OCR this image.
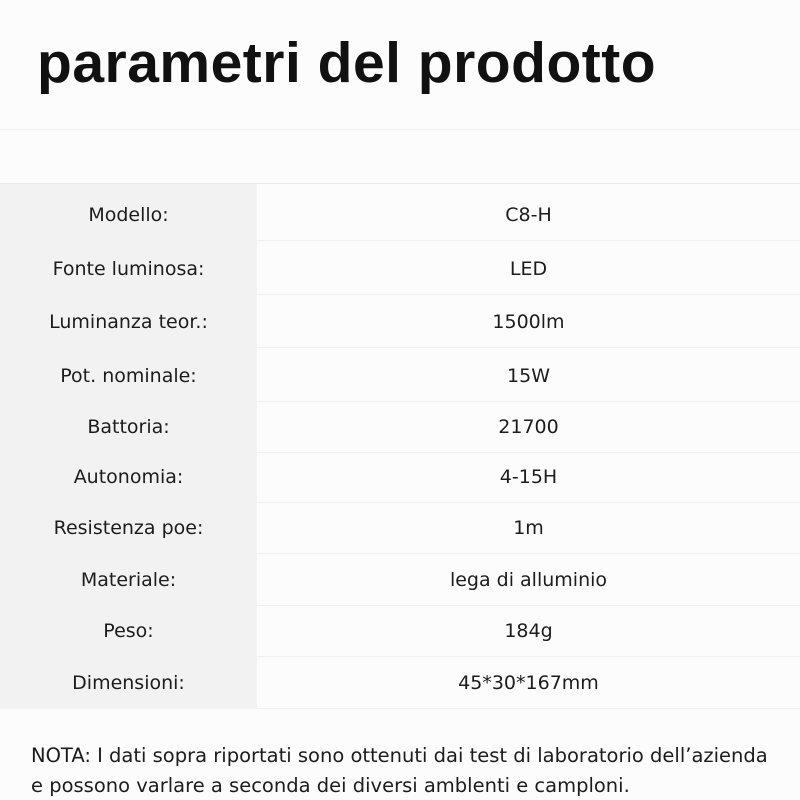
parametri del prodotto
Modello:	C8-H
Fonte luminosa:	LED
Luminanza teor.:	1500lm
Pot. nominale:	15W
Battoria:	21700
Autonomia:	4-15H
Resistenza poe:	1m
Materiale:	lega di alluminio
Peso:	184g
Dimensioni:	45*30*167mm
NOTA: I dati sopra riportati sono ottenuti dai test di laboratorio dell’azienda
e possono varlare a seconda dei diversi amblenti e camploni.
